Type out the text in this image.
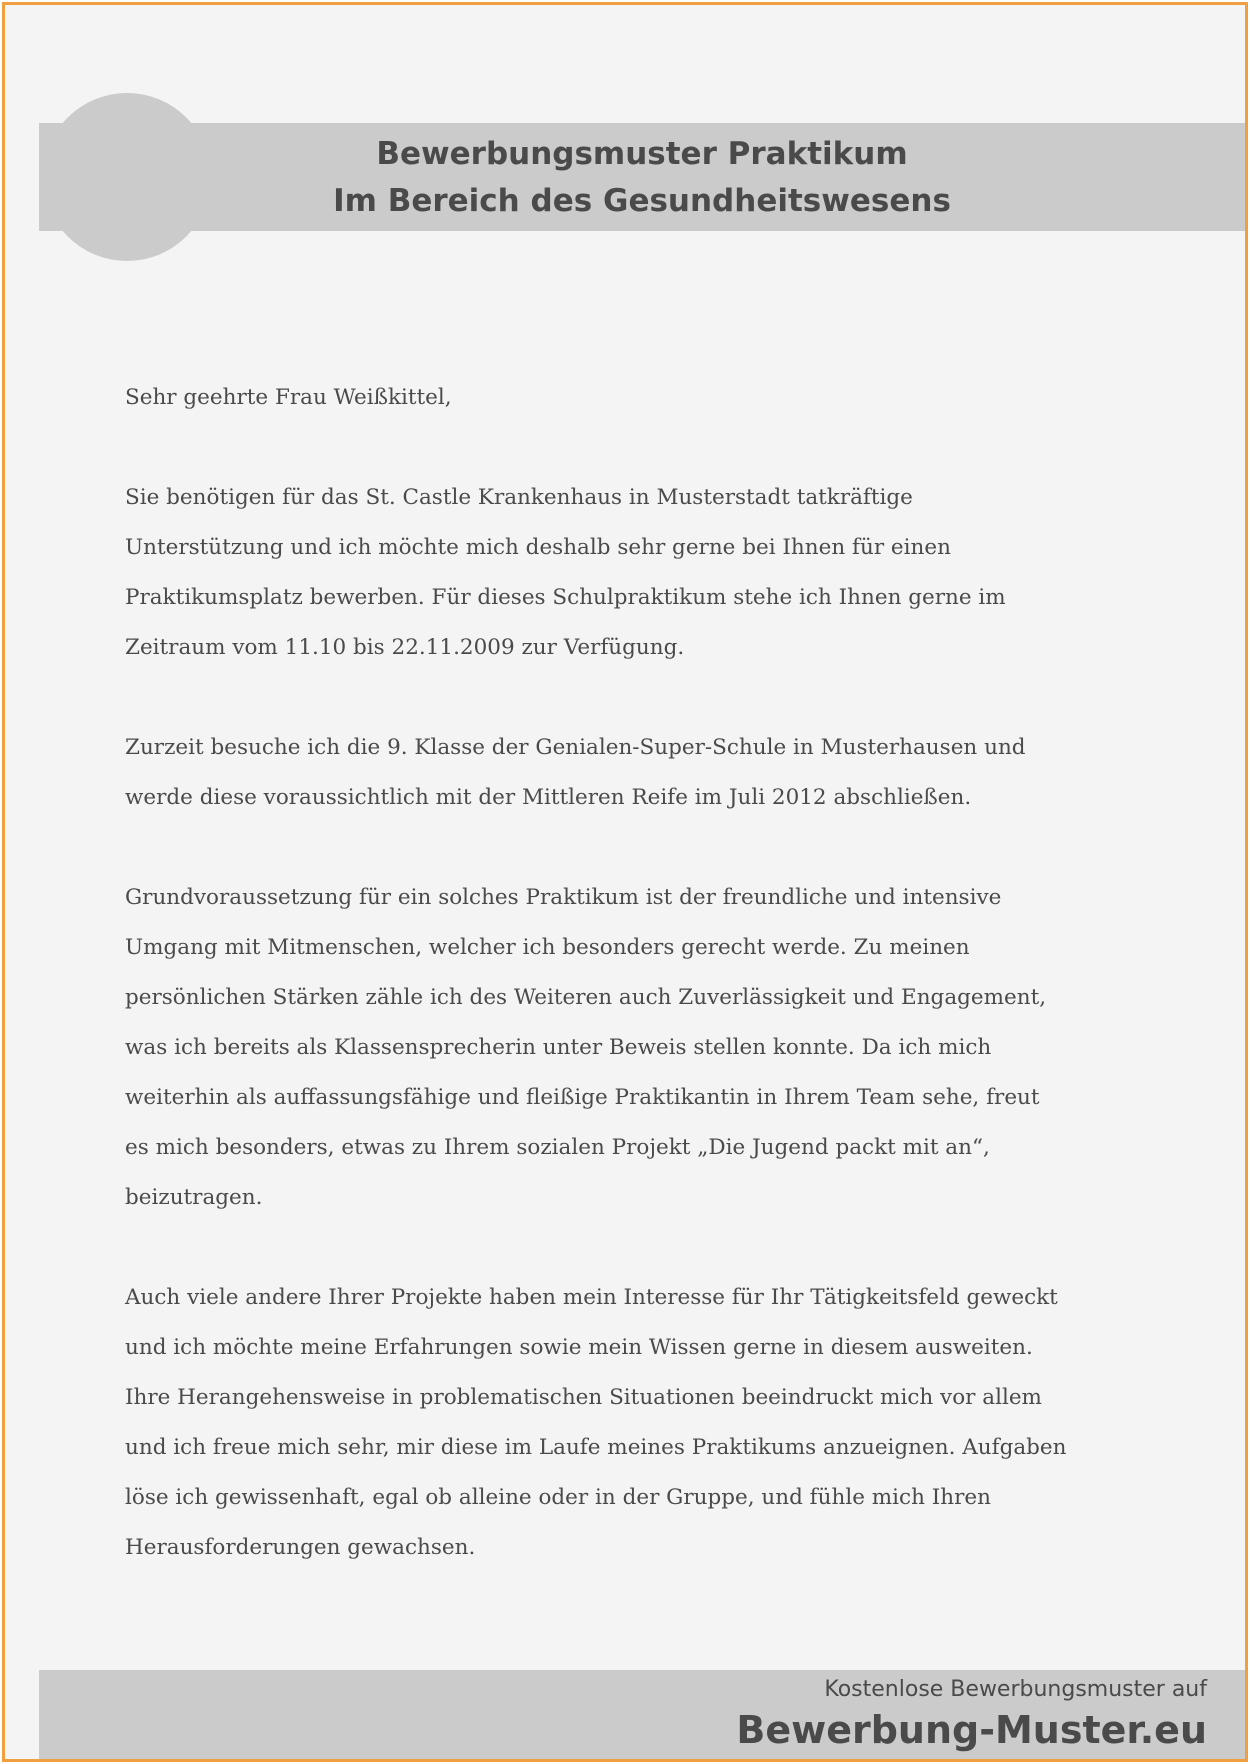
Bewerbungsmuster Praktikum
Im Bereich des Gesundheitswesens

Sehr geehrte Frau Weißkittel,

Sie benötigen für das St. Castle Krankenhaus in Musterstadt tatkräftige
Unterstützung und ich möchte mich deshalb sehr gerne bei Ihnen für einen
Praktikumsplatz bewerben. Für dieses Schulpraktikum stehe ich Ihnen gerne im
Zeitraum vom 11.10 bis 22.11.2009 zur Verfügung.

Zurzeit besuche ich die 9. Klasse der Genialen-Super-Schule in Musterhausen und
werde diese voraussichtlich mit der Mittleren Reife im Juli 2012 abschließen.

Grundvoraussetzung für ein solches Praktikum ist der freundliche und intensive
Umgang mit Mitmenschen, welcher ich besonders gerecht werde. Zu meinen
persönlichen Stärken zähle ich des Weiteren auch Zuverlässigkeit und Engagement,
was ich bereits als Klassensprecherin unter Beweis stellen konnte. Da ich mich
weiterhin als auffassungsfähige und fleißige Praktikantin in Ihrem Team sehe, freut
es mich besonders, etwas zu Ihrem sozialen Projekt „Die Jugend packt mit an“,
beizutragen.

Auch viele andere Ihrer Projekte haben mein Interesse für Ihr Tätigkeitsfeld geweckt
und ich möchte meine Erfahrungen sowie mein Wissen gerne in diesem ausweiten.
Ihre Herangehensweise in problematischen Situationen beeindruckt mich vor allem
und ich freue mich sehr, mir diese im Laufe meines Praktikums anzueignen. Aufgaben
löse ich gewissenhaft, egal ob alleine oder in der Gruppe, und fühle mich Ihren
Herausforderungen gewachsen.

Kostenlose Bewerbungsmuster auf
Bewerbung-Muster.eu
